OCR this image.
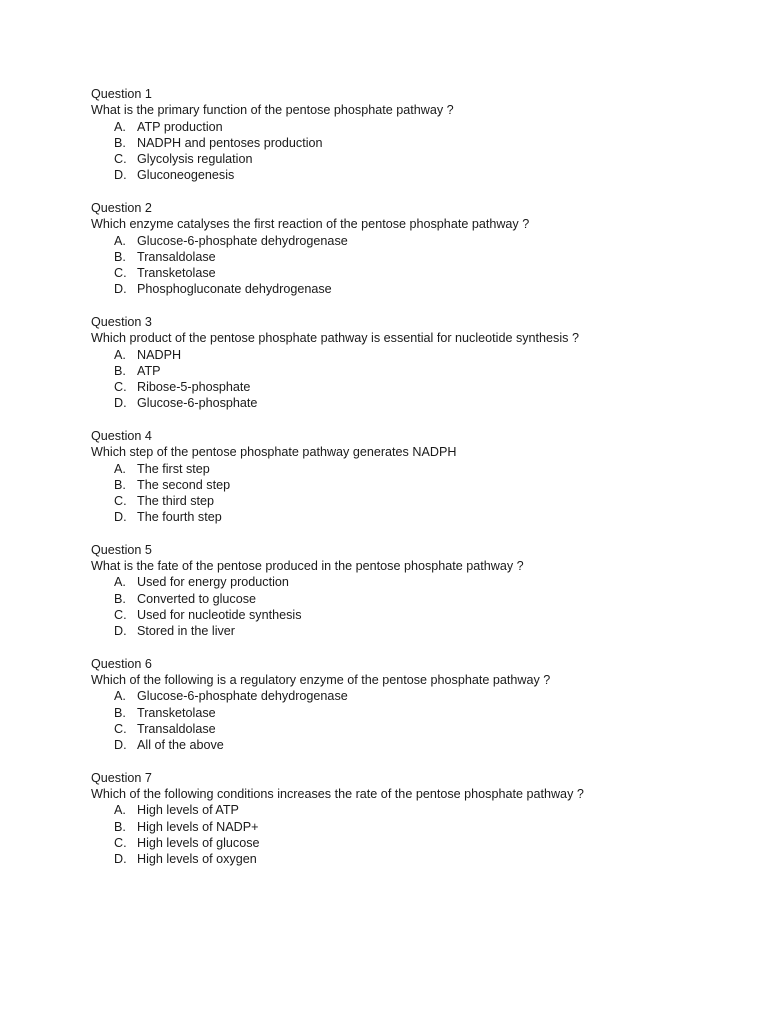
Question 1
What is the primary function of the pentose phosphate pathway ?
A. ATP production
B. NADPH and pentoses production
C. Glycolysis regulation
D. Gluconeogenesis
Question 2
Which enzyme catalyses the first reaction of the pentose phosphate pathway ?
A. Glucose-6-phosphate dehydrogenase
B. Transaldolase
C. Transketolase
D. Phosphogluconate dehydrogenase
Question 3
Which product of the pentose phosphate pathway is essential for nucleotide synthesis ?
A. NADPH
B. ATP
C. Ribose-5-phosphate
D. Glucose-6-phosphate
Question 4
Which step of the pentose phosphate pathway generates NADPH
A. The first step
B. The second step
C. The third step
D. The fourth step
Question 5
What is the fate of the pentose produced in the pentose phosphate pathway ?
A. Used for energy production
B. Converted to glucose
C. Used for nucleotide synthesis
D. Stored in the liver
Question 6
Which of the following is a regulatory enzyme of the pentose phosphate pathway ?
A. Glucose-6-phosphate dehydrogenase
B. Transketolase
C. Transaldolase
D. All of the above
Question 7
Which of the following conditions increases the rate of the pentose phosphate pathway ?
A. High levels of ATP
B. High levels of NADP+
C. High levels of glucose
D. High levels of oxygen
